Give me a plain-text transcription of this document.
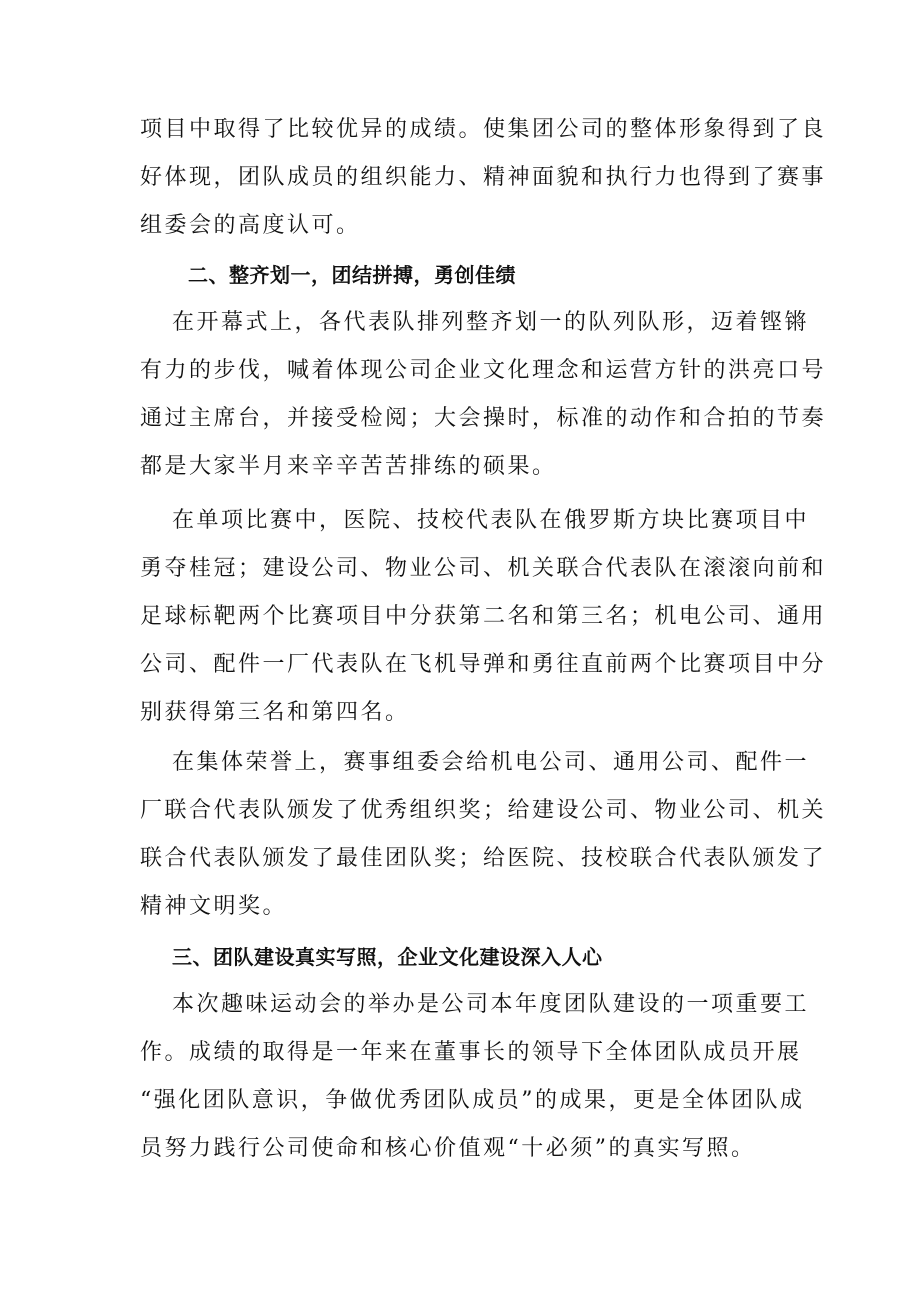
项目中取得了比较优异的成绩。使集团公司的整体形象得到了良
好体现，团队成员的组织能力、精神面貌和执行力也得到了赛事
组委会的高度认可。
二、整齐划一，团结拼搏，勇创佳绩
在开幕式上，各代表队排列整齐划一的队列队形，迈着铿锵
有力的步伐，喊着体现公司企业文化理念和运营方针的洪亮口号
通过主席台，并接受检阅；大会操时，标准的动作和合拍的节奏
都是大家半月来辛辛苦苦排练的硕果。
在单项比赛中，医院、技校代表队在俄罗斯方块比赛项目中
勇夺桂冠；建设公司、物业公司、机关联合代表队在滚滚向前和
足球标靶两个比赛项目中分获第二名和第三名；机电公司、通用
公司、配件一厂代表队在飞机导弹和勇往直前两个比赛项目中分
别获得第三名和第四名。
在集体荣誉上，赛事组委会给机电公司、通用公司、配件一
厂联合代表队颁发了优秀组织奖；给建设公司、物业公司、机关
联合代表队颁发了最佳团队奖；给医院、技校联合代表队颁发了
精神文明奖。
三、团队建设真实写照，企业文化建设深入人心
本次趣味运动会的举办是公司本年度团队建设的一项重要工
作。成绩的取得是一年来在董事长的领导下全体团队成员开展
“强化团队意识，争做优秀团队成员”的成果，更是全体团队成
员努力践行公司使命和核心价值观“十必须”的真实写照。
